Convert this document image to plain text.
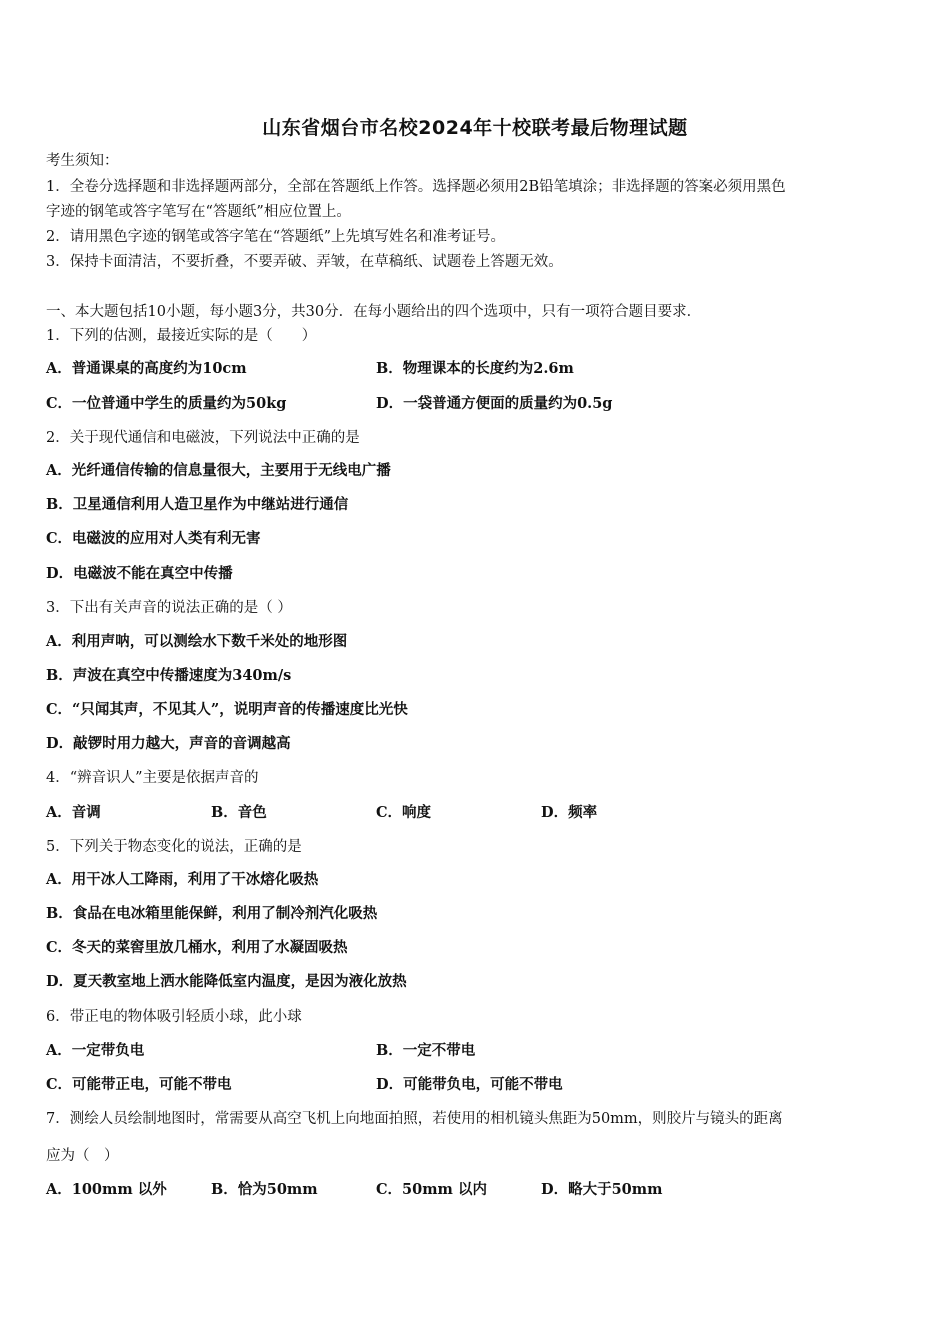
山东省烟台市名校2024年十校联考最后物理试题
考生须知：
1．全卷分选择题和非选择题两部分，全部在答题纸上作答。选择题必须用2B铅笔填涂；非选择题的答案必须用黑色
字迹的钢笔或答字笔写在“答题纸”相应位置上。
2．请用黑色字迹的钢笔或答字笔在“答题纸”上先填写姓名和准考证号。
3．保持卡面清洁，不要折叠，不要弄破、弄皱，在草稿纸、试题卷上答题无效。
一、本大题包括10小题，每小题3分，共30分．在每小题给出的四个选项中，只有一项符合题目要求．
1．下列的估测，最接近实际的是（　　）
A．普通课桌的高度约为10cm	B．物理课本的长度约为2.6m
C．一位普通中学生的质量约为50kg	D．一袋普通方便面的质量约为0.5g
2．关于现代通信和电磁波，下列说法中正确的是
A．光纤通信传输的信息量很大，主要用于无线电广播
B．卫星通信利用人造卫星作为中继站进行通信
C．电磁波的应用对人类有利无害
D．电磁波不能在真空中传播
3．下出有关声音的说法正确的是（ ）
A．利用声呐，可以测绘水下数千米处的地形图
B．声波在真空中传播速度为340m/s
C．“只闻其声，不见其人”，说明声音的传播速度比光快
D．敲锣时用力越大，声音的音调越高
4．“辨音识人”主要是依据声音的
A．音调	B．音色	C．响度	D．频率
5．下列关于物态变化的说法，正确的是
A．用干冰人工降雨，利用了干冰熔化吸热
B．食品在电冰箱里能保鲜，利用了制冷剂汽化吸热
C．冬天的菜窖里放几桶水，利用了水凝固吸热
D．夏天教室地上洒水能降低室内温度，是因为液化放热
6．带正电的物体吸引轻质小球，此小球
A．一定带负电	B．一定不带电
C．可能带正电，可能不带电	D．可能带负电，可能不带电
7．测绘人员绘制地图时，常需要从高空飞机上向地面拍照，若使用的相机镜头焦距为50mm，则胶片与镜头的距离
应为（　）
A．100mm 以外	B．恰为50mm	C．50mm 以内	D．略大于50mm
